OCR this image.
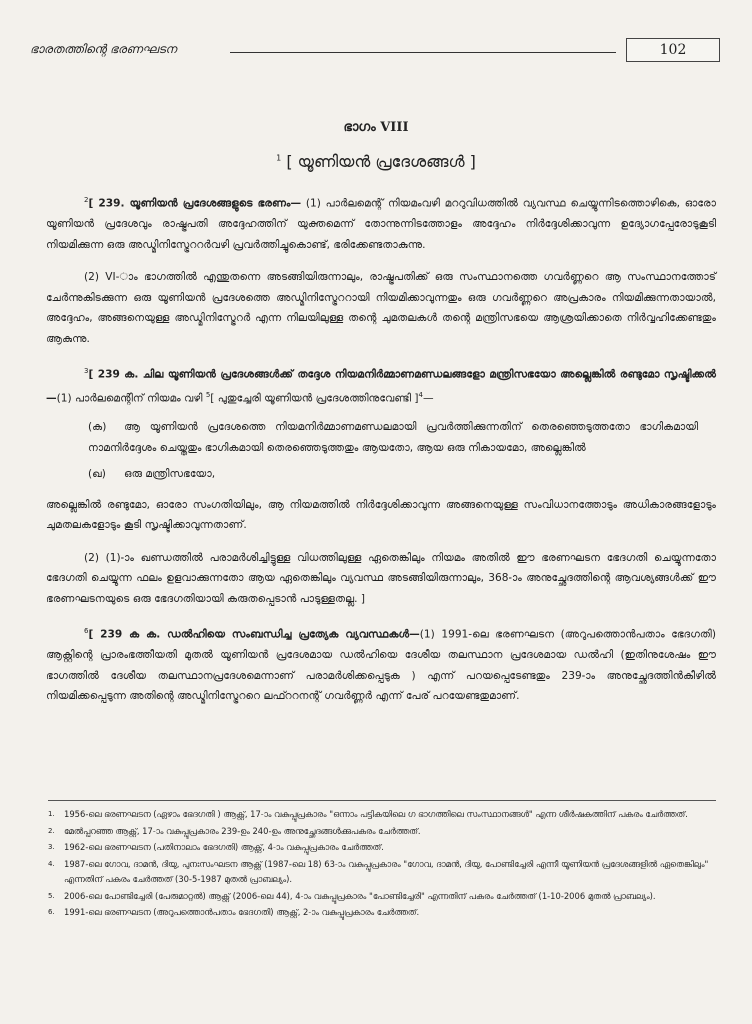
ഭാരതത്തിന്റെ ഭരണഘടന	102
ഭാഗം VIII
$^1$ [ യൂണിയൻ പ്രദേശങ്ങൾ ]

$^2$[ 239. യൂണിയൻ പ്രദേശങ്ങളുടെ ഭരണം— (1) പാർലമെന്റ് നിയമംവഴി മററുവിധത്തിൽ വ്യവസ്ഥ ചെയ്യുന്നിടത്തൊഴികെ, ഓരോ യൂണിയൻ പ്രദേശവും രാഷ്ട്രപതി അദ്ദേഹത്തിന് യുക്തമെന്ന് തോന്നുന്നിടത്തോളം അദ്ദേഹം നിർദ്ദേശിക്കാവുന്ന ഉദ്യോഗപ്പേരോടുകൂടി നിയമിക്കുന്ന ഒരു അഡ്മിനിസ്ട്രേററർവഴി പ്രവർത്തിച്ചുകൊണ്ട്, ഭരിക്കേണ്ടതാകുന്നു.

(2) VI-ാം ഭാഗത്തിൽ എന്തുതന്നെ അടങ്ങിയിരുന്നാലും, രാഷ്ട്രപതിക്ക് ഒരു സംസ്ഥാനത്തെ ഗവർണ്ണറെ ആ സംസ്ഥാനത്തോട് ചേർന്നുകിടക്കുന്ന ഒരു യൂണിയൻ പ്രദേശത്തെ അഡ്മിനിസ്ട്രേററായി നിയമിക്കാവുന്നതും ഒരു ഗവർണ്ണറെ അപ്രകാരം നിയമിക്കുന്നതായാൽ, അദ്ദേഹം, അങ്ങനെയുള്ള അഡ്മിനിസ്ട്രേറർ എന്ന നിലയിലുള്ള തന്റെ ചുമതലകൾ തന്റെ മന്ത്രിസഭയെ ആശ്രയിക്കാതെ നിർവ്വഹിക്കേണ്ടതും ആകുന്നു.

$^3$[ 239 ക. ചില യൂണിയൻ പ്രദേശങ്ങൾക്ക് തദ്ദേശ നിയമനിർമ്മാണമണ്ഡലങ്ങളോ മന്ത്രിസഭയോ അല്ലെങ്കിൽ രണ്ടുമോ സൃഷ്ടിക്കൽ—(1) പാർലമെന്റിന് നിയമം വഴി $^5$[ പുതുച്ചേരി യൂണിയൻ പ്രദേശത്തിനുവേണ്ടി ]$^4$—

(ക) ആ യൂണിയൻ പ്രദേശത്തെ നിയമനിർമ്മാണമണ്ഡലമായി പ്രവർത്തിക്കുന്നതിന് തെരഞ്ഞെടുത്തതോ ഭാഗികമായി നാമനിർദ്ദേശം ചെയ്തതും ഭാഗികമായി തെരഞ്ഞെടുത്തതും ആയതോ, ആയ ഒരു നികായമോ, അല്ലെങ്കിൽ
(ഖ) ഒരു മന്ത്രിസഭയോ,

അല്ലെങ്കിൽ രണ്ടുമോ, ഓരോ സംഗതിയിലും, ആ നിയമത്തിൽ നിർദ്ദേശിക്കാവുന്ന അങ്ങനെയുള്ള സംവിധാനത്തോടും അധികാരങ്ങളോടും ചുമതലകളോടും കൂടി സൃഷ്ടിക്കാവുന്നതാണ്.

(2) (1)-ാം ഖണ്ഡത്തിൽ പരാമർശിച്ചിട്ടുള്ള വിധത്തിലുള്ള ഏതെങ്കിലും നിയമം അതിൽ ഈ ഭരണഘടന ഭേദഗതി ചെയ്യുന്നതോ ഭേദഗതി ചെയ്യുന്ന ഫലം ഉളവാക്കുന്നതോ ആയ ഏതെങ്കിലും വ്യവസ്ഥ അടങ്ങിയിരുന്നാലും, 368-ാം അനുച്ഛേദത്തിന്റെ ആവശ്യങ്ങൾക്ക് ഈ ഭരണഘടനയുടെ ഒരു ഭേദഗതിയായി കരുതപ്പെടാൻ പാടുള്ളതല്ല. ]

$^6$[ 239 ക ക. ഡൽഹിയെ സംബന്ധിച്ച പ്രത്യേക വ്യവസ്ഥകൾ—(1) 1991-ലെ ഭരണഘടന (അറുപത്തൊൻപതാം ഭേദഗതി) ആക്റ്റിന്റെ പ്രാരംഭത്തീയതി മുതൽ യൂണിയൻ പ്രദേശമായ ഡൽഹിയെ ദേശീയ തലസ്ഥാന പ്രദേശമായ ഡൽഹി (ഇതിനുശേഷം ഈ ഭാഗത്തിൽ ദേശീയ തലസ്ഥാനപ്രദേശമെന്നാണ് പരാമർശിക്കപ്പെടുക ) എന്ന് പറയപ്പെടേണ്ടതും 239-ാം അനുച്ഛേദത്തിൻകീഴിൽ നിയമിക്കപ്പെടുന്ന അതിന്റെ അഡ്മിനിസ്ട്രേററെ ലഫ്ററനന്റ് ഗവർണ്ണർ എന്ന് പേര് പറയേണ്ടതുമാണ്.

1.	1956-ലെ ഭരണഘടന (ഏഴാം ഭേദഗതി ) ആക്റ്റ്, 17-ാം വകുപ്പുപ്രകാരം "ഒന്നാം പട്ടികയിലെ ഗ ഭാഗത്തിലെ സംസ്ഥാനങ്ങൾ" എന്ന ശീർഷകത്തിന് പകരം ചേർത്തത്.
2.	മേൽപ്പറഞ്ഞ ആക്റ്റ്, 17-ാം വകുപ്പുപ്രകാരം 239-ഉം 240-ഉം അനുച്ഛേദങ്ങൾക്കുപകരം ചേർത്തത്.
3.	1962-ലെ ഭരണഘടന (പതിനാലാം ഭേദഗതി) ആക്റ്റ്, 4-ാം വകുപ്പുപ്രകാരം ചേർത്തത്.
4.	1987-ലെ ഗോവ, ദാമൻ, ദിയു, പുനഃസംഘടന ആക്റ്റ് (1987-ലെ 18) 63-ാം വകുപ്പുപ്രകാരം "ഗോവ, ദാമൻ, ദിയു, പോണ്ടിച്ചേരി എന്നീ യൂണിയൻ പ്രദേശങ്ങളിൽ ഏതെങ്കിലും" എന്നതിന് പകരം ചേർത്തത് (30-5-1987 മുതൽ പ്രാബല്യം).
5.	2006-ലെ പോണ്ടിച്ചേരി (പേരുമാറ്റൽ) ആക്റ്റ് (2006-ലെ 44), 4-ാം വകുപ്പുപ്രകാരം "പോണ്ടിച്ചേരി" എന്നതിന് പകരം ചേർത്തത് (1-10-2006 മുതൽ പ്രാബല്യം).
6.	1991-ലെ ഭരണഘടന (അറുപത്തൊൻപതാം ഭേദഗതി) ആക്റ്റ്, 2-ാം വകുപ്പുപ്രകാരം ചേർത്തത്.
